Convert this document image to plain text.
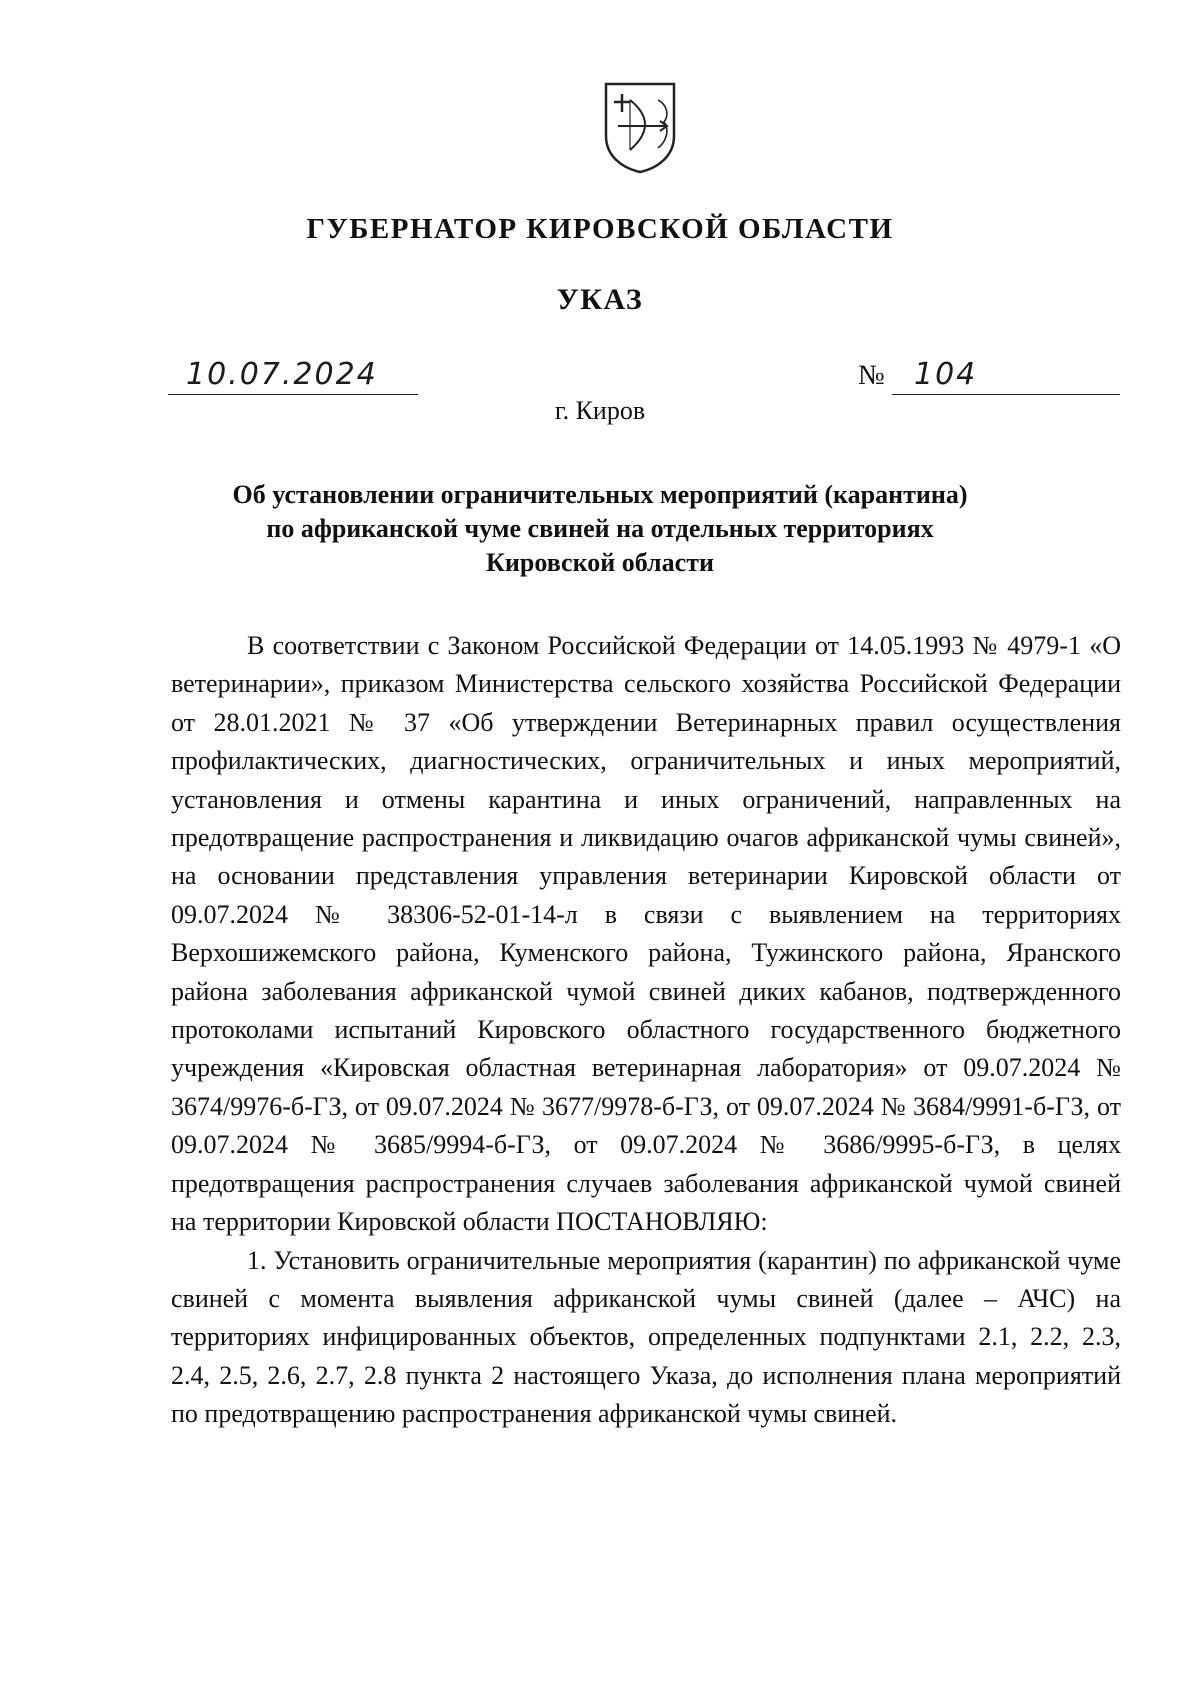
ГУБЕРНАТОР КИРОВСКОЙ ОБЛАСТИ
УКАЗ
10.07.2024	№ 104
г. Киров
Об установлении ограничительных мероприятий (карантина)
по африканской чуме свиней на отдельных территориях
Кировской области

В соответствии с Законом Российской Федерации от 14.05.1993 № 4979-1 «О ветеринарии», приказом Министерства сельского хозяйства Российской Федерации от 28.01.2021 № 37 «Об утверждении Ветеринарных правил осуществления профилактических, диагностических, ограничительных и иных мероприятий, установления и отмены карантина и иных ограничений, направленных на предотвращение распространения и ликвидацию очагов африканской чумы свиней», на основании представления управления ветеринарии Кировской области от 09.07.2024 № 38306-52-01-14-л в связи с выявлением на территориях Верхошижемского района, Куменского района, Тужинского района, Яранского района заболевания африканской чумой свиней диких кабанов, подтвержденного протоколами испытаний Кировского областного государственного бюджетного учреждения «Кировская областная ветеринарная лаборатория» от 09.07.2024 № 3674/9976-б-ГЗ, от 09.07.2024 № 3677/9978-б-ГЗ, от 09.07.2024 № 3684/9991-б-ГЗ, от 09.07.2024 № 3685/9994-б-ГЗ, от 09.07.2024 № 3686/9995-б-ГЗ, в целях предотвращения распространения случаев заболевания африканской чумой свиней на территории Кировской области ПОСТАНОВЛЯЮ:

1. Установить ограничительные мероприятия (карантин) по африканской чуме свиней с момента выявления африканской чумы свиней (далее – АЧС) на территориях инфицированных объектов, определенных подпунктами 2.1, 2.2, 2.3, 2.4, 2.5, 2.6, 2.7, 2.8 пункта 2 настоящего Указа, до исполнения плана мероприятий по предотвращению распространения африканской чумы свиней.
